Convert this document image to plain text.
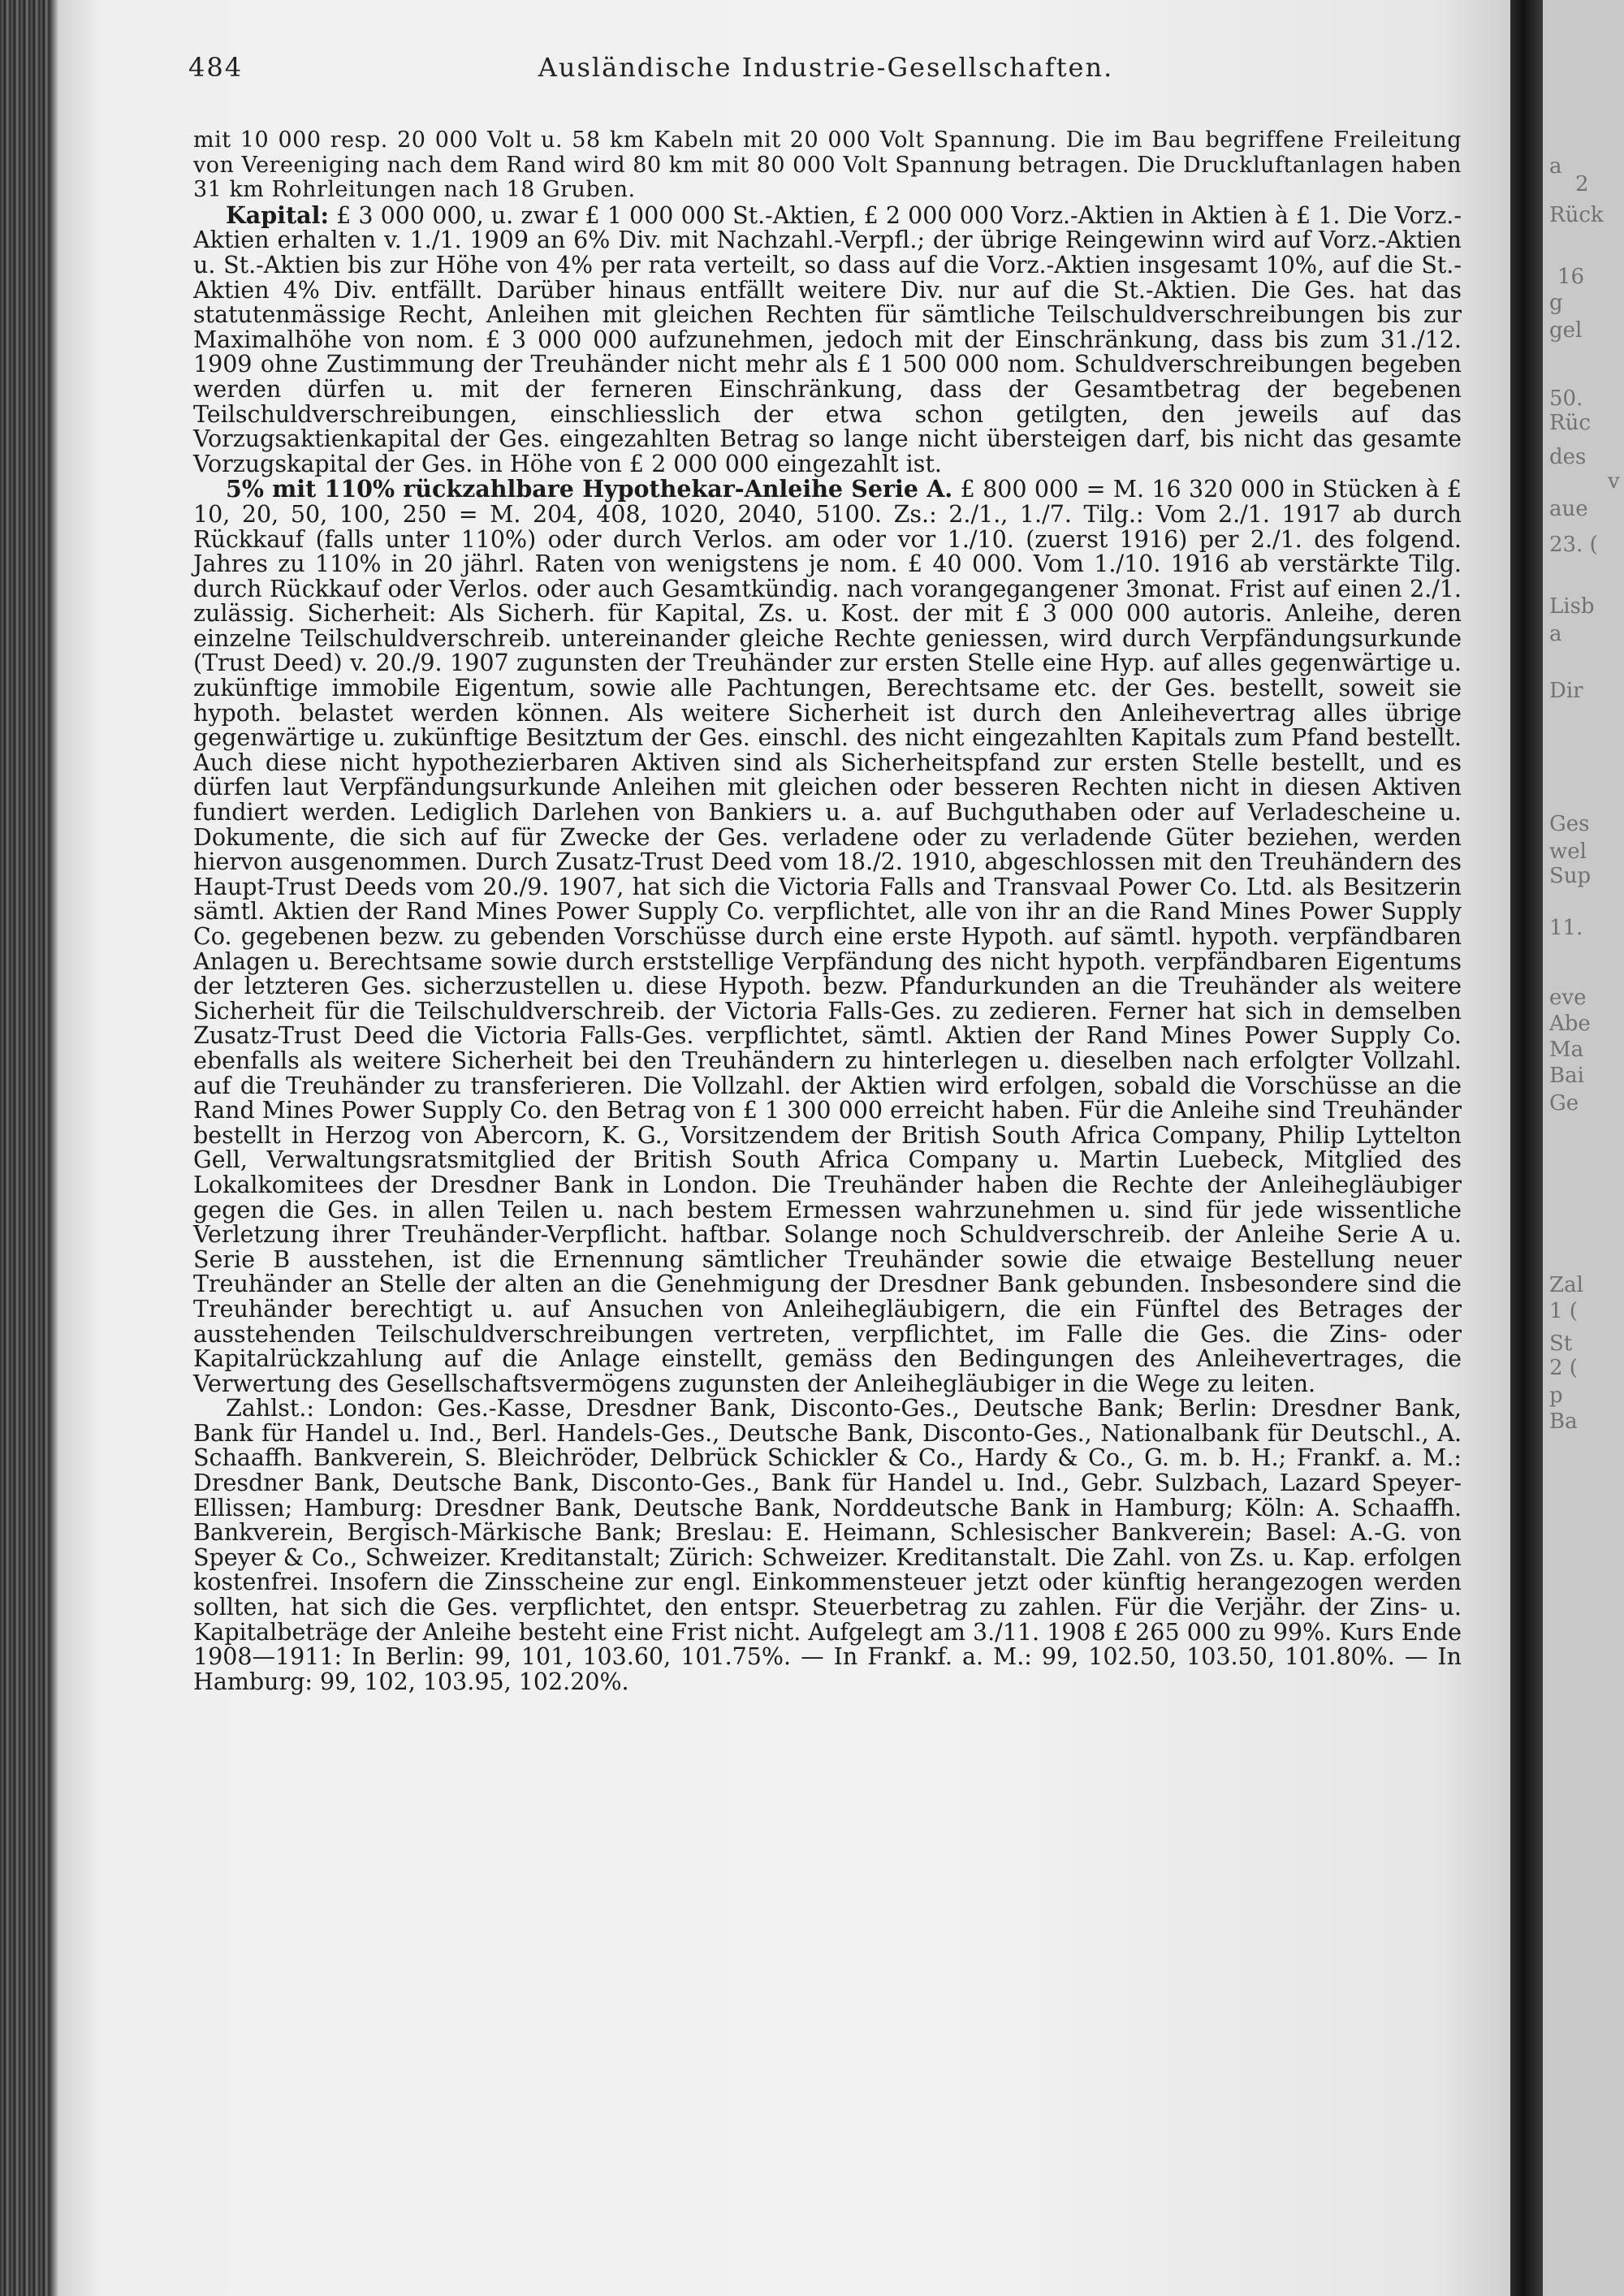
a
2
Rück
16
g
gel
50.
Rüc
des
v
aue
23. (
Lisb
a
Dir
Ges
wel
Sup
11.
eve
Abe
Ma
Bai
Ge
Zal
1 (
St
2 (
p
Ba
484	Ausländische Industrie-Gesellschaften.

mit 10 000 resp. 20 000 Volt u. 58 km Kabeln mit 20 000 Volt Spannung. Die im Bau begriffene Freileitung von Vereeniging nach dem Rand wird 80 km mit 80 000 Volt Spannung betragen. Die Druckluftanlagen haben 31 km Rohrleitungen nach 18 Gruben.

Kapital: £ 3 000 000, u. zwar £ 1 000 000 St.-Aktien, £ 2 000 000 Vorz.-Aktien in Aktien à £ 1. Die Vorz.-Aktien erhalten v. 1./1. 1909 an 6% Div. mit Nachzahl.-Verpfl.; der übrige Reingewinn wird auf Vorz.-Aktien u. St.-Aktien bis zur Höhe von 4% per rata verteilt, so dass auf die Vorz.-Aktien insgesamt 10%, auf die St.-Aktien 4% Div. entfällt. Darüber hinaus entfällt weitere Div. nur auf die St.-Aktien. Die Ges. hat das statutenmässige Recht, Anleihen mit gleichen Rechten für sämtliche Teilschuldverschreibungen bis zur Maximalhöhe von nom. £ 3 000 000 aufzunehmen, jedoch mit der Einschränkung, dass bis zum 31./12. 1909 ohne Zustimmung der Treuhänder nicht mehr als £ 1 500 000 nom. Schuldverschreibungen begeben werden dürfen u. mit der ferneren Einschränkung, dass der Gesamtbetrag der begebenen Teilschuldverschreibungen, einschliesslich der etwa schon getilgten, den jeweils auf das Vorzugsaktienkapital der Ges. eingezahlten Betrag so lange nicht übersteigen darf, bis nicht das gesamte Vorzugskapital der Ges. in Höhe von £ 2 000 000 eingezahlt ist.

5% mit 110% rückzahlbare Hypothekar-Anleihe Serie A. £ 800 000 = M. 16 320 000 in Stücken à £ 10, 20, 50, 100, 250 = M. 204, 408, 1020, 2040, 5100. Zs.: 2./1., 1./7. Tilg.: Vom 2./1. 1917 ab durch Rückkauf (falls unter 110%) oder durch Verlos. am oder vor 1./10. (zuerst 1916) per 2./1. des folgend. Jahres zu 110% in 20 jährl. Raten von wenigstens je nom. £ 40 000. Vom 1./10. 1916 ab verstärkte Tilg. durch Rückkauf oder Verlos. oder auch Gesamtkündig. nach vorangegangener 3monat. Frist auf einen 2./1. zulässig. Sicherheit: Als Sicherh. für Kapital, Zs. u. Kost. der mit £ 3 000 000 autoris. Anleihe, deren einzelne Teilschuldverschreib. untereinander gleiche Rechte geniessen, wird durch Verpfändungsurkunde (Trust Deed) v. 20./9. 1907 zugunsten der Treuhänder zur ersten Stelle eine Hyp. auf alles gegenwärtige u. zukünftige immobile Eigentum, sowie alle Pachtungen, Berechtsame etc. der Ges. bestellt, soweit sie hypoth. belastet werden können. Als weitere Sicherheit ist durch den Anleihevertrag alles übrige gegenwärtige u. zukünftige Besitztum der Ges. einschl. des nicht eingezahlten Kapitals zum Pfand bestellt. Auch diese nicht hypothezierbaren Aktiven sind als Sicherheitspfand zur ersten Stelle bestellt, und es dürfen laut Verpfändungsurkunde Anleihen mit gleichen oder besseren Rechten nicht in diesen Aktiven fundiert werden. Lediglich Darlehen von Bankiers u. a. auf Buchguthaben oder auf Verladescheine u. Dokumente, die sich auf für Zwecke der Ges. verladene oder zu verladende Güter beziehen, werden hiervon ausgenommen. Durch Zusatz-Trust Deed vom 18./2. 1910, abgeschlossen mit den Treuhändern des Haupt-Trust Deeds vom 20./9. 1907, hat sich die Victoria Falls and Transvaal Power Co. Ltd. als Besitzerin sämtl. Aktien der Rand Mines Power Supply Co. verpflichtet, alle von ihr an die Rand Mines Power Supply Co. gegebenen bezw. zu gebenden Vorschüsse durch eine erste Hypoth. auf sämtl. hypoth. verpfändbaren Anlagen u. Berechtsame sowie durch erststellige Verpfändung des nicht hypoth. verpfändbaren Eigentums der letzteren Ges. sicherzustellen u. diese Hypoth. bezw. Pfandurkunden an die Treuhänder als weitere Sicherheit für die Teilschuldverschreib. der Victoria Falls-Ges. zu zedieren. Ferner hat sich in demselben Zusatz-Trust Deed die Victoria Falls-Ges. verpflichtet, sämtl. Aktien der Rand Mines Power Supply Co. ebenfalls als weitere Sicherheit bei den Treuhändern zu hinterlegen u. dieselben nach erfolgter Vollzahl. auf die Treuhänder zu transferieren. Die Vollzahl. der Aktien wird erfolgen, sobald die Vorschüsse an die Rand Mines Power Supply Co. den Betrag von £ 1 300 000 erreicht haben. Für die Anleihe sind Treuhänder bestellt in Herzog von Abercorn, K. G., Vorsitzendem der British South Africa Company, Philip Lyttelton Gell, Verwaltungsratsmitglied der British South Africa Company u. Martin Luebeck, Mitglied des Lokalkomitees der Dresdner Bank in London. Die Treuhänder haben die Rechte der Anleihegläubiger gegen die Ges. in allen Teilen u. nach bestem Ermessen wahrzunehmen u. sind für jede wissentliche Verletzung ihrer Treuhänder-Verpflicht. haftbar. Solange noch Schuldverschreib. der Anleihe Serie A u. Serie B ausstehen, ist die Ernennung sämtlicher Treuhänder sowie die etwaige Bestellung neuer Treuhänder an Stelle der alten an die Genehmigung der Dresdner Bank gebunden. Insbesondere sind die Treuhänder berechtigt u. auf Ansuchen von Anleihegläubigern, die ein Fünftel des Betrages der ausstehenden Teilschuldverschreibungen vertreten, verpflichtet, im Falle die Ges. die Zins- oder Kapitalrückzahlung auf die Anlage einstellt, gemäss den Bedingungen des Anleihevertrages, die Verwertung des Gesellschaftsvermögens zugunsten der Anleihegläubiger in die Wege zu leiten.

Zahlst.: London: Ges.-Kasse, Dresdner Bank, Disconto-Ges., Deutsche Bank; Berlin: Dresdner Bank, Bank für Handel u. Ind., Berl. Handels-Ges., Deutsche Bank, Disconto-Ges., Nationalbank für Deutschl., A. Schaaffh. Bankverein, S. Bleichröder, Delbrück Schickler & Co., Hardy & Co., G. m. b. H.; Frankf. a. M.: Dresdner Bank, Deutsche Bank, Disconto-Ges., Bank für Handel u. Ind., Gebr. Sulzbach, Lazard Speyer-Ellissen; Hamburg: Dresdner Bank, Deutsche Bank, Norddeutsche Bank in Hamburg; Köln: A. Schaaffh. Bankverein, Bergisch-Märkische Bank; Breslau: E. Heimann, Schlesischer Bankverein; Basel: A.-G. von Speyer & Co., Schweizer. Kreditanstalt; Zürich: Schweizer. Kreditanstalt. Die Zahl. von Zs. u. Kap. erfolgen kostenfrei. Insofern die Zinsscheine zur engl. Einkommensteuer jetzt oder künftig herangezogen werden sollten, hat sich die Ges. verpflichtet, den entspr. Steuerbetrag zu zahlen. Für die Verjähr. der Zins- u. Kapitalbeträge der Anleihe besteht eine Frist nicht. Aufgelegt am 3./11. 1908 £ 265 000 zu 99%. Kurs Ende 1908—1911: In Berlin: 99, 101, 103.60, 101.75%. — In Frankf. a. M.: 99, 102.50, 103.50, 101.80%. — In Hamburg: 99, 102, 103.95, 102.20%.
